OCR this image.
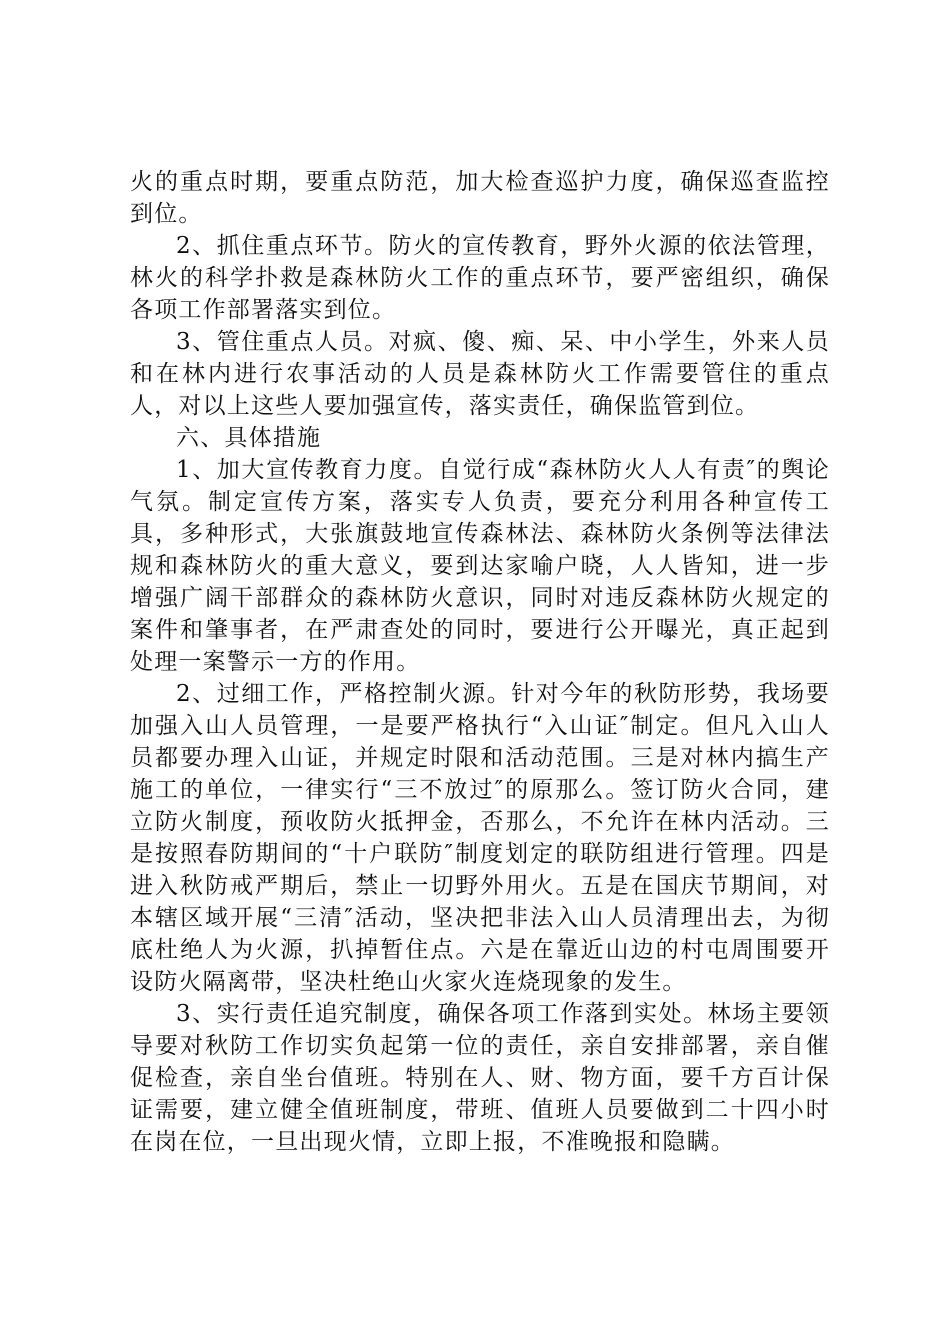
火的重点时期，要重点防范，加大检查巡护力度，确保巡查监控到位。

2、抓住重点环节。防火的宣传教育，野外火源的依法管理，林火的科学扑救是森林防火工作的重点环节，要严密组织，确保各项工作部署落实到位。

3、管住重点人员。对疯、傻、痴、呆、中小学生，外来人员和在林内进行农事活动的人员是森林防火工作需要管住的重点人，对以上这些人要加强宣传，落实责任，确保监管到位。

六、具体措施

1、加大宣传教育力度。自觉行成“森林防火人人有责″的舆论气氛。制定宣传方案，落实专人负责，要充分利用各种宣传工具，多种形式，大张旗鼓地宣传森林法、森林防火条例等法律法规和森林防火的重大意义，要到达家喻户晓，人人皆知，进一步增强广阔干部群众的森林防火意识，同时对违反森林防火规定的案件和肇事者，在严肃查处的同时，要进行公开曝光，真正起到处理一案警示一方的作用。

2、过细工作，严格控制火源。针对今年的秋防形势，我场要加强入山人员管理，一是要严格执行“入山证″制定。但凡入山人员都要办理入山证，并规定时限和活动范围。三是对林内搞生产施工的单位，一律实行“三不放过″的原那么。签订防火合同，建立防火制度，预收防火抵押金，否那么，不允许在林内活动。三是按照春防期间的“十户联防″制度划定的联防组进行管理。四是进入秋防戒严期后，禁止一切野外用火。五是在国庆节期间，对本辖区域开展“三清″活动，坚决把非法入山人员清理出去，为彻底杜绝人为火源，扒掉暂住点。六是在靠近山边的村屯周围要开设防火隔离带，坚决杜绝山火家火连烧现象的发生。

3、实行责任追究制度，确保各项工作落到实处。林场主要领导要对秋防工作切实负起第一位的责任，亲自安排部署，亲自催促检查，亲自坐台值班。特别在人、财、物方面，要千方百计保证需要，建立健全值班制度，带班、值班人员要做到二十四小时在岗在位，一旦出现火情，立即上报，不准晚报和隐瞒。
